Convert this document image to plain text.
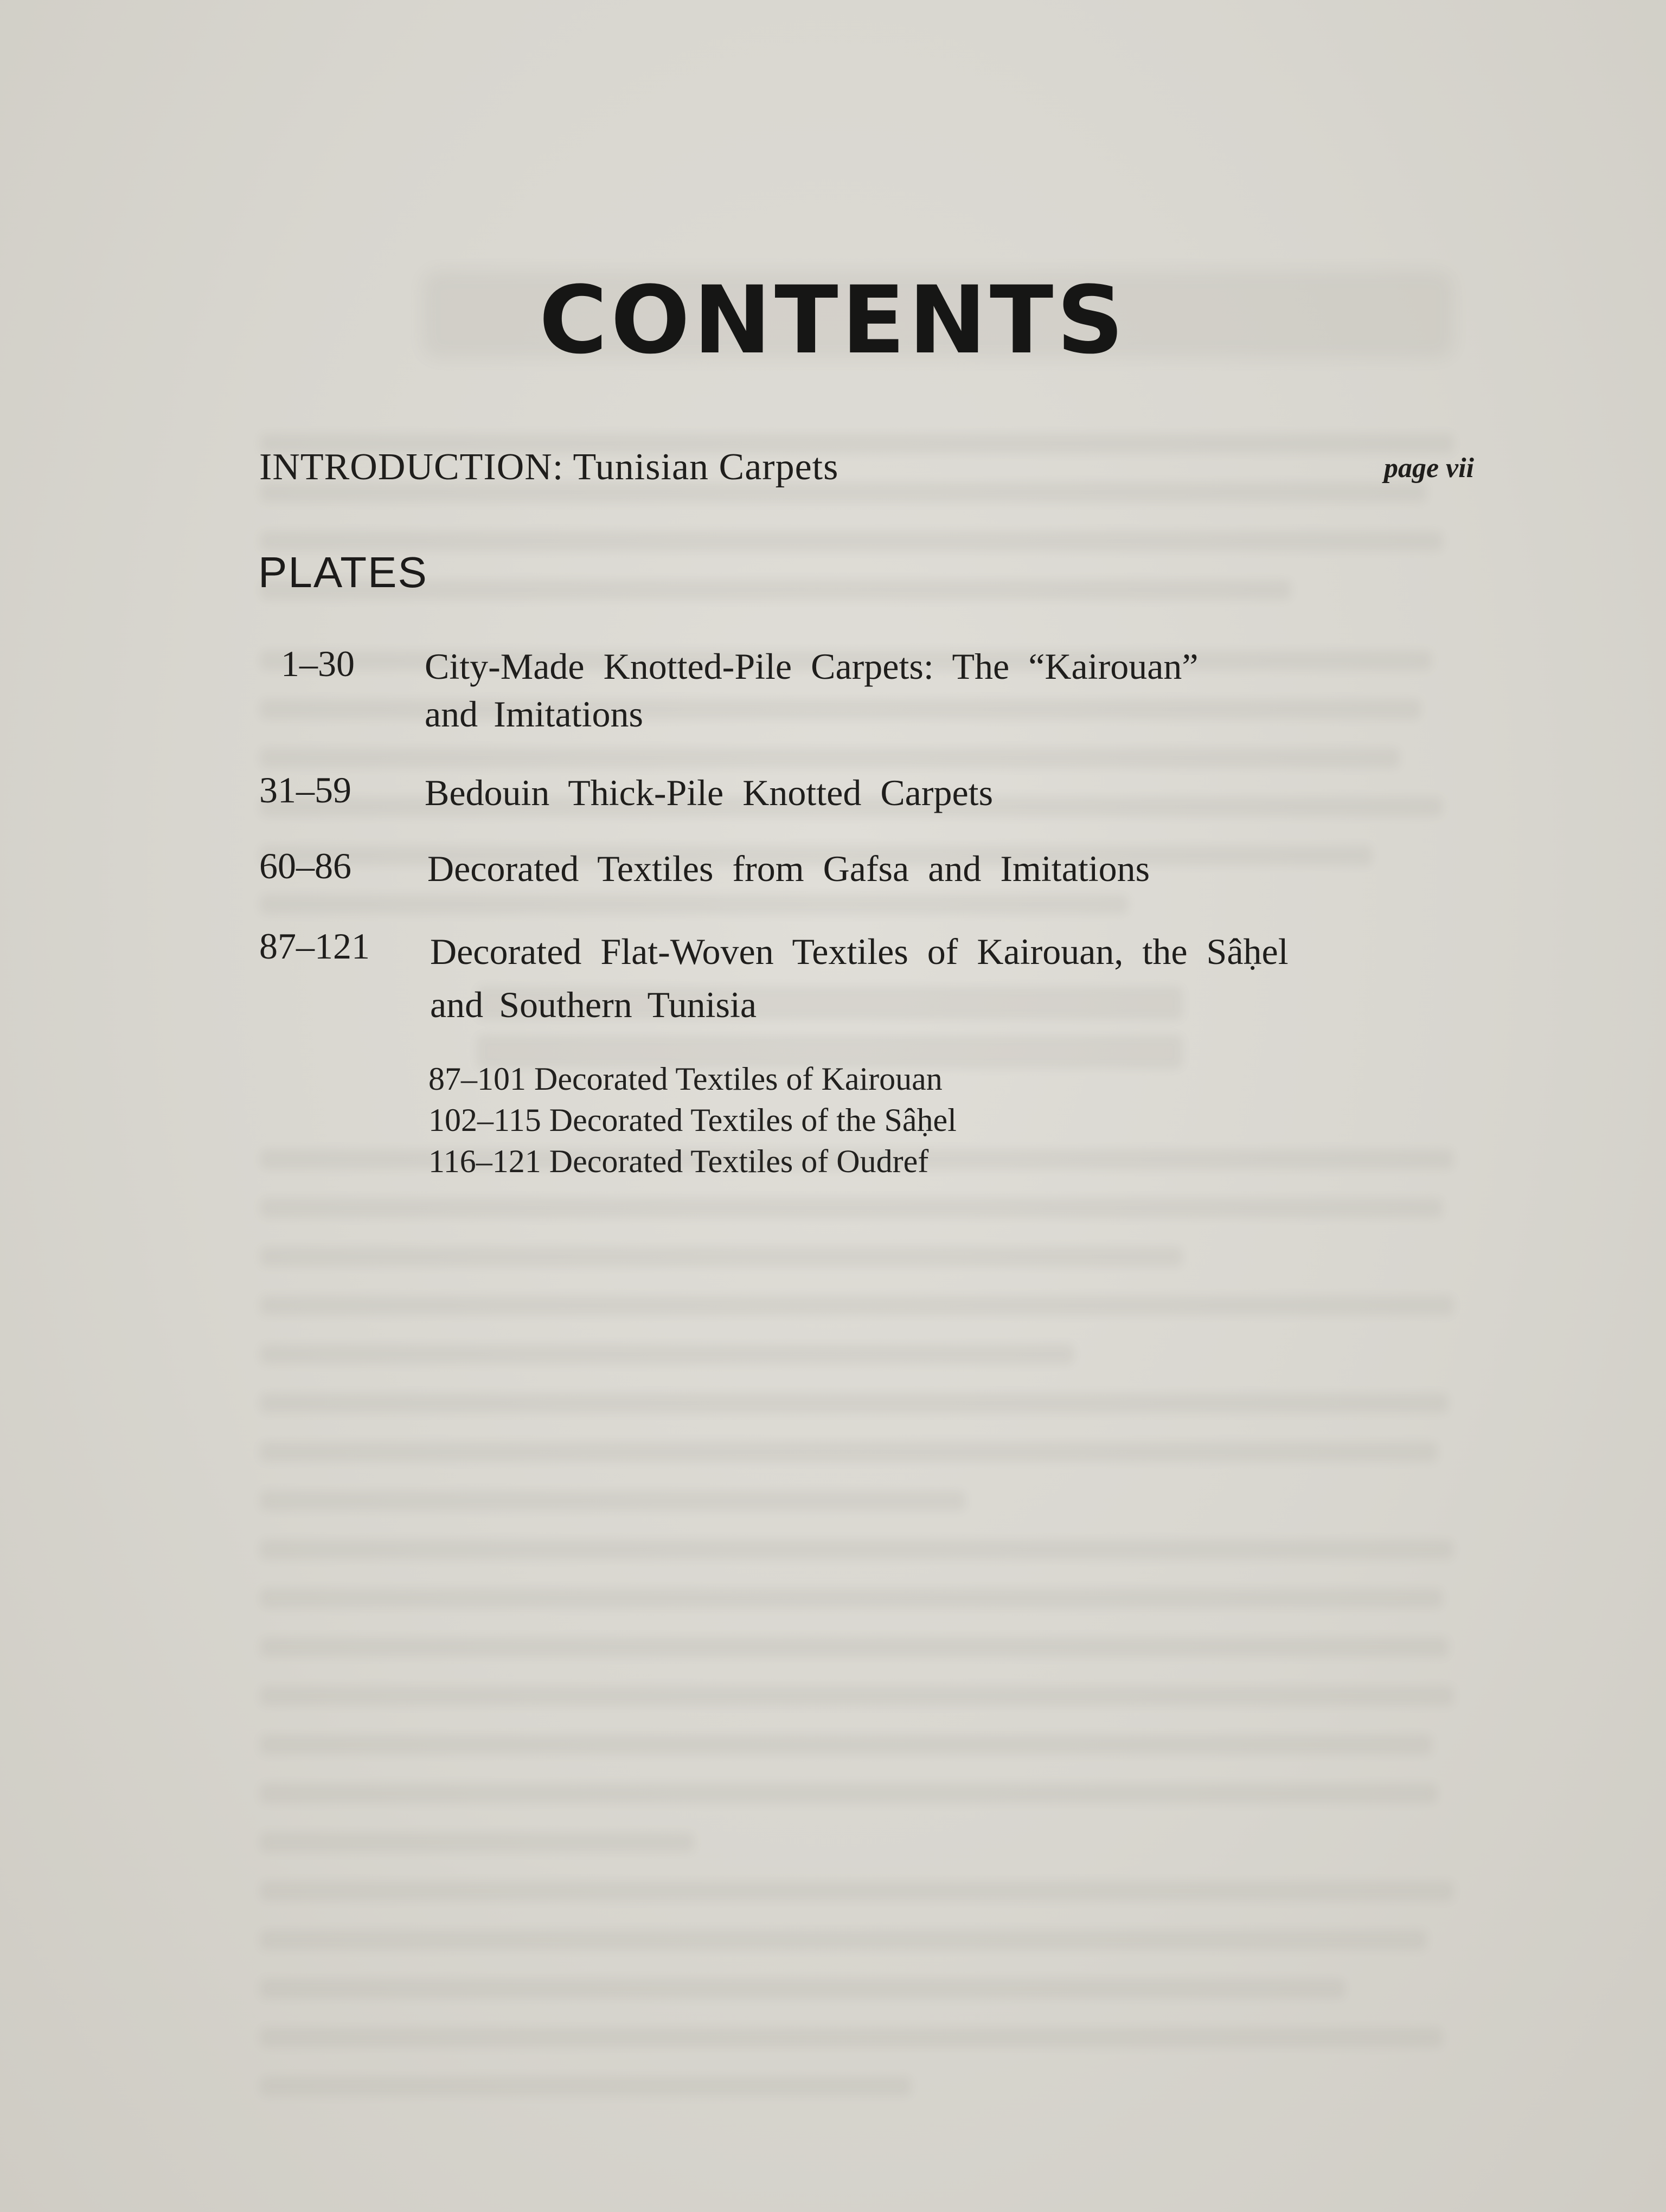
CONTENTS
INTRODUCTION: Tunisian Carpets	page vii
PLATES
1–30 City-Made Knotted-Pile Carpets: The “Kairouan”
and Imitations
31–59 Bedouin Thick-Pile Knotted Carpets
60–86 Decorated Textiles from Gafsa and Imitations
87–121 Decorated Flat-Woven Textiles of Kairouan, the Sâḥel
and Southern Tunisia
87–101 Decorated Textiles of Kairouan
102–115 Decorated Textiles of the Sâḥel
116–121 Decorated Textiles of Oudref
